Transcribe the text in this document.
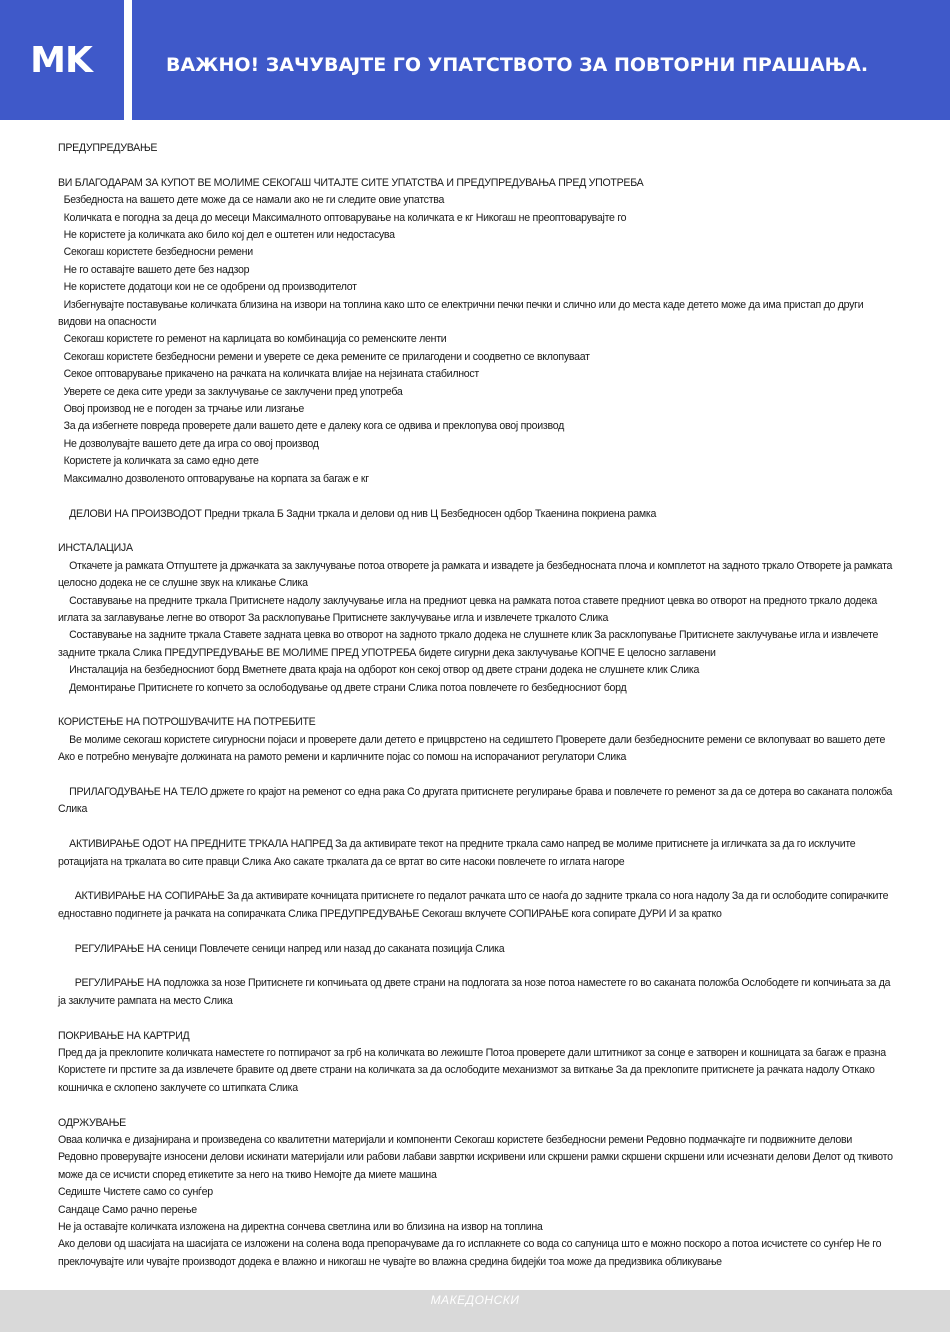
MK	ВАЖНО! ЗАЧУВАЈТЕ ГО УПАТСТВОТО ЗА ПОВТОРНИ ПРАШАЊА.

ПРЕДУПРЕДУВАЊЕ

ВИ БЛАГОДАРАМ ЗА КУПОТ ВЕ МОЛИМЕ СЕКОГАШ ЧИТАЈТЕ СИТЕ УПАТСТВА И ПРЕДУПРЕДУВАЊА ПРЕД УПОТРЕБА

Безбедноста на вашето дете може да се намали ако не ги следите овие упатства

Количката е погодна за деца до месеци Максималното оптоварување на количката е кг Никогаш не преоптоварувајте го

Не користете ја количката ако било кој дел е оштетен или недостасува

Секогаш користете безбедносни ремени

Не го оставајте вашето дете без надзор

Не користете додатоци кои не се одобрени од производителот

Избегнувајте поставување количката близина на извори на топлина како што се електрични печки печки и слично или до места каде детето може да има пристап до други видови на опасности

Секогаш користете го ременот на карлицата во комбинација со ременските ленти

Секогаш користете безбедносни ремени и уверете се дека ремените се прилагодени и соодветно се вклопуваат

Секое оптоварување прикачено на рачката на количката влијае на нејзината стабилност

Уверете се дека сите уреди за заклучување се заклучени пред употреба

Овој производ не е погоден за трчање или лизгање

За да избегнете повреда проверете дали вашето дете е далеку кога се одвива и преклопува овој производ

Не дозволувајте вашето дете да игра со овој производ

Користете ја количката за само едно дете

Максимално дозволеното оптоварување на корпата за багаж е кг

ДЕЛОВИ НА ПРОИЗВОДОТ Предни тркала Б Задни тркала и делови од нив Ц Безбедносен одбор Ткаенина покриена рамка

ИНСТАЛАЦИЈА

Откачете ја рамката Отпуштете ја држачката за заклучување потоа отворете ја рамката и извадете ја безбедносната плоча и комплетот на задното тркало Отворете ја рамката целосно додека не се слушне звук на кликање Слика

Составување на предните тркала Притиснете надолу заклучување игла на предниот цевка на рамката потоа ставете предниот цевка во отворот на предното тркало додека иглата за заглавување легне во отворот За расклопување Притиснете заклучување игла и извлечете тркалото Слика

Составување на задните тркала Ставете задната цевка во отворот на задното тркало додека не слушнете клик За расклопување Притиснете заклучување игла и извлечете задните тркала Слика ПРЕДУПРЕДУВАЊЕ ВЕ МОЛИМЕ ПРЕД УПОТРЕБА бидете сигурни дека заклучување КОПЧЕ Е целосно заглавени

Инсталација на безбедносниот борд Вметнете двата краја на одборот кон секој отвор од двете страни додека не слушнете клик Слика

Демонтирање Притиснете го копчето за ослободување од двете страни Слика потоа повлечете го безбедносниот борд

КОРИСТЕЊЕ НА ПОТРОШУВАЧИТЕ НА ПОТРЕБИТЕ

Ве молиме секогаш користете сигурносни појаси и проверете дали детето е прицврстено на седиштето Проверете дали безбедносните ремени се вклопуваат во вашето дете Ако е потребно менувајте должината на рамото ремени и карличните појас со помош на испорачаниот регулатори Слика

ПРИЛАГОДУВАЊЕ НА ТЕЛО држете го крајот на ременот со една рака Со другата притиснете регулирање брава и повлечете го ременот за да се дотера во саканата положба Слика

АКТИВИРАЊЕ ОДОТ НА ПРЕДНИТЕ ТРКАЛА НАПРЕД За да активирате текот на предните тркала само напред ве молиме притиснете ја игличката за да го исклучите ротацијата на тркалата во сите правци Слика Ако сакате тркалата да се вртат во сите насоки повлечете го иглата нагоре

АКТИВИРАЊЕ НА СОПИРАЊЕ За да активирате кочницата притиснете го педалот рачката што се наоѓа до задните тркала со нога надолу За да ги ослободите сопирачките едноставно подигнете ја рачката на сопирачката Слика ПРЕДУПРЕДУВАЊЕ Секогаш вклучете СОПИРАЊЕ кога сопирате ДУРИ И за кратко

РЕГУЛИРАЊЕ НА сеници Повлечете сеници напред или назад до саканата позиција Слика

РЕГУЛИРАЊЕ НА подложка за нозе Притиснете ги копчињата од двете страни на подлогата за нозе потоа наместете го во саканата положба Ослободете ги копчињата за да ја заклучите рампата на место Слика

ПОКРИВАЊЕ НА КАРТРИД

Пред да ја преклопите количката наместете го потпирачот за грб на количката во лежиште Потоа проверете дали штитникот за сонце е затворен и кошницата за багаж е празна Користете ги прстите за да извлечете бравите од двете страни на количката за да ослободите механизмот за виткање За да преклопите притиснете ја рачката надолу Откако кошничка е склопено заклучете со штипката Слика

ОДРЖУВАЊЕ

Оваа количка е дизајнирана и произведена со квалитетни материјали и компоненти Секогаш користете безбедносни ремени Редовно подмачкајте ги подвижните делови Редовно проверувајте износени делови искинати материјали или рабови лабави завртки искривени или скршени рамки скршени скршени или исчезнати делови Делот од ткивото може да се исчисти според етикетите за него на ткиво Немојте да миете машина

Седиште Чистете само со сунѓер

Сандаце Само рачно перење

Не ја оставајте количката изложена на директна сончева светлина или во близина на извор на топлина

Ако делови од шасијата на шасијата се изложени на солена вода препорачуваме да го исплакнете со вода со сапуница што е можно поскоро а потоа исчистете со сунѓер Не го преклочувајте или чувајте производот додека е влажно и никогаш не чувајте во влажна средина бидејќи тоа може да предизвика обликување

МАКЕДОНСКИ
